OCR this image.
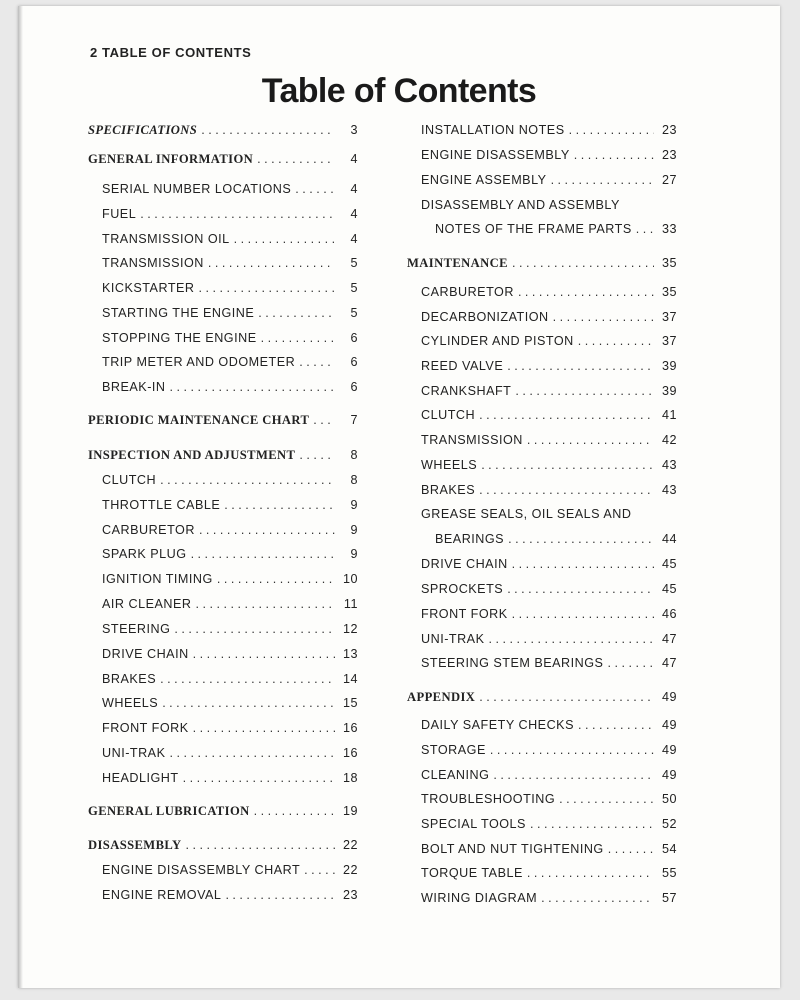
2 TABLE OF CONTENTS
Table of Contents
SPECIFICATIONS . . .	3
GENERAL INFORMATION . . .	4
SERIAL NUMBER LOCATIONS . . .	4
FUEL . . .	4
TRANSMISSION OIL . . .	4
TRANSMISSION . . .	5
KICKSTARTER . . .	5
STARTING THE ENGINE . . .	5
STOPPING THE ENGINE . . .	6
TRIP METER AND ODOMETER . . .	6
BREAK-IN . . .	6
PERIODIC MAINTENANCE CHART . . .	7
INSPECTION AND ADJUSTMENT . . .	8
CLUTCH . . .	8
THROTTLE CABLE . . .	9
CARBURETOR . . .	9
SPARK PLUG . . .	9
IGNITION TIMING . . .	10
AIR CLEANER . . .	11
STEERING . . .	12
DRIVE CHAIN . . .	13
BRAKES . . .	14
WHEELS . . .	15
FRONT FORK . . .	16
UNI-TRAK . . .	16
HEADLIGHT . . .	18
GENERAL LUBRICATION . . .	19
DISASSEMBLY . . .	22
ENGINE DISASSEMBLY CHART . . .	22
ENGINE REMOVAL . . .	23
INSTALLATION NOTES . . .	23
ENGINE DISASSEMBLY . . .	23
ENGINE ASSEMBLY . . .	27
DISASSEMBLY AND ASSEMBLY
NOTES OF THE FRAME PARTS . . . 33
MAINTENANCE . . .	35
CARBURETOR . . .	35
DECARBONIZATION . . .	37
CYLINDER AND PISTON . . .	37
REED VALVE . . .	39
CRANKSHAFT . . .	39
CLUTCH . . .	41
TRANSMISSION . . .	42
WHEELS . . .	43
BRAKES . . .	43
GREASE SEALS, OIL SEALS AND
BEARINGS . . .	44
DRIVE CHAIN . . .	45
SPROCKETS . . .	45
FRONT FORK . . .	46
UNI-TRAK . . .	47
STEERING STEM BEARINGS . . .	47
APPENDIX . . .	49
DAILY SAFETY CHECKS . . .	49
STORAGE . . .	49
CLEANING . . .	49
TROUBLESHOOTING . . .	50
SPECIAL TOOLS . . .	52
BOLT AND NUT TIGHTENING . . .	54
TORQUE TABLE . . .	55
WIRING DIAGRAM . . .	57
